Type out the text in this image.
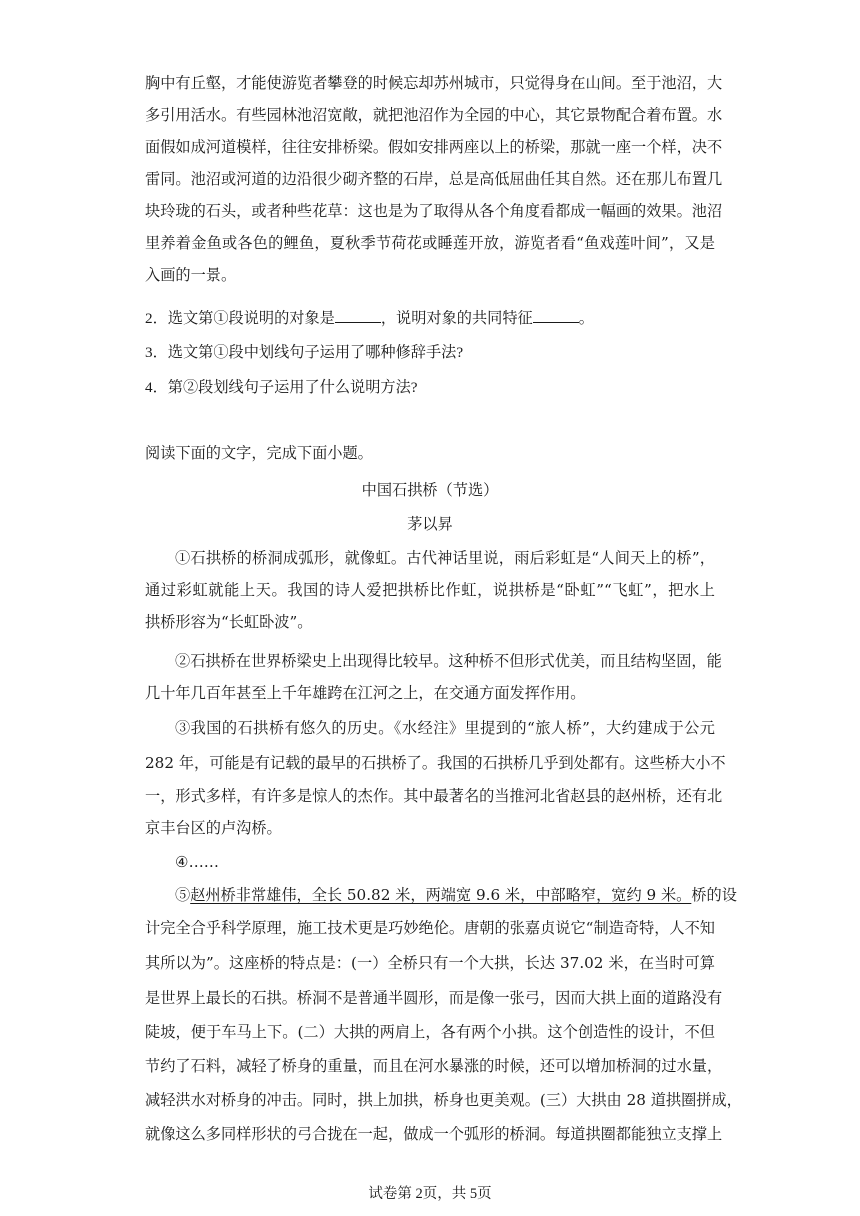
胸中有丘壑，才能使游览者攀登的时候忘却苏州城市，只觉得身在山间。至于池沼，大
多引用活水。有些园林池沼宽敞，就把池沼作为全园的中心，其它景物配合着布置。水
面假如成河道模样，往往安排桥梁。假如安排两座以上的桥梁，那就一座一个样，决不
雷同。池沼或河道的边沿很少砌齐整的石岸，总是高低屈曲任其自然。还在那儿布置几
块玲珑的石头，或者种些花草：这也是为了取得从各个角度看都成一幅画的效果。池沼
里养着金鱼或各色的鲤鱼，夏秋季节荷花或睡莲开放，游览者看“鱼戏莲叶间”，又是
入画的一景。
2．选文第①段说明的对象是	，说明对象的共同特征	。
3．选文第①段中划线句子运用了哪种修辞手法?
4．第②段划线句子运用了什么说明方法?
阅读下面的文字，完成下面小题。
中国石拱桥（节选）
茅以昇
①石拱桥的桥洞成弧形，就像虹。古代神话里说，雨后彩虹是“人间天上的桥”，
通过彩虹就能上天。我国的诗人爱把拱桥比作虹，说拱桥是“卧虹”“飞虹”，把水上
拱桥形容为“长虹卧波”。
②石拱桥在世界桥梁史上出现得比较早。这种桥不但形式优美，而且结构坚固，能
几十年几百年甚至上千年雄跨在江河之上，在交通方面发挥作用。
③我国的石拱桥有悠久的历史。《水经注》里提到的“旅人桥”，大约建成于公元
282 年，可能是有记载的最早的石拱桥了。我国的石拱桥几乎到处都有。这些桥大小不
一，形式多样，有许多是惊人的杰作。其中最著名的当推河北省赵县的赵州桥，还有北
京丰台区的卢沟桥。
④……
⑤赵州桥非常雄伟，全长 50.82 米，两端宽 9.6 米，中部略窄，宽约 9 米。桥的设
计完全合乎科学原理，施工技术更是巧妙绝伦。唐朝的张嘉贞说它“制造奇特，人不知
其所以为”。这座桥的特点是：(一）全桥只有一个大拱，长达 37.02 米，在当时可算
是世界上最长的石拱。桥洞不是普通半圆形，而是像一张弓，因而大拱上面的道路没有
陡坡，便于车马上下。(二）大拱的两肩上，各有两个小拱。这个创造性的设计，不但
节约了石料，减轻了桥身的重量，而且在河水暴涨的时候，还可以增加桥洞的过水量，
减轻洪水对桥身的冲击。同时，拱上加拱，桥身也更美观。(三）大拱由 28 道拱圈拼成，
就像这么多同样形状的弓合拢在一起，做成一个弧形的桥洞。每道拱圈都能独立支撑上
试卷第 2页，共 5页
